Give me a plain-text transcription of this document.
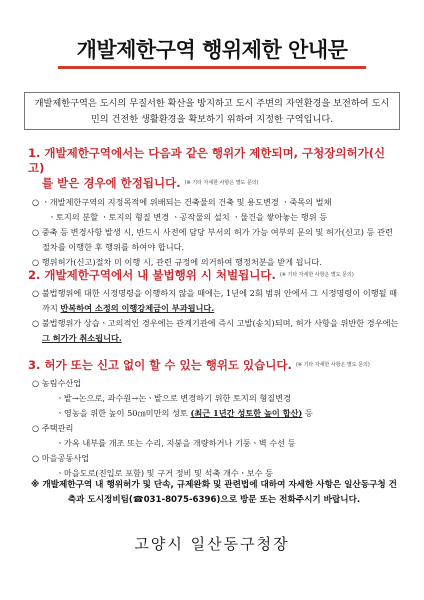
개발제한구역 행위제한 안내문
개발제한구역은 도시의 무질서한 확산을 방지하고 도시 주변의 자연환경을 보전하여 도시민의 건전한 생활환경을 확보하기 위하여 지정한 구역입니다.
1. 개발제한구역에서는 다음과 같은 행위가 제한되며, 구청장의허가(신고)
를 받은 경우에 한정됩니다. (※ 기타 자세한 사항은 별도 문의)
○ ㆍ개발제한구역의 지정목적에 위배되는 건축물의 건축 및 용도변경 ㆍ죽목의 벌채
ㆍ토지의 분할 ㆍ토지의 형질 변경 ㆍ공작물의 설치 ㆍ물건을 쌓아놓는 행위 등
○ 중축 등 변경사항 발생 시, 반드시 사전에 담당 부서의 허가 가능 여부의 문의 및 허가(신고) 등 관련 절차를 이행한 후 행위를 하여야 합니다.
○ 행위허가(신고)절차 미 이행 시, 관련 규정에 의거하여 행정처분을 받게 됩니다.
2. 개발제한구역에서 내 불법행위 시 처벌됩니다. (※ 기타 자세한 사항은 별도 문의)
○ 불법행위에 대한 시정명령을 이행하지 않을 때에는, 1년에 2회 범위 안에서 그 시정명령이 이행될 때까지 반복하여 소정의 이행강제금이 부과됩니다.
○ 불법행위가 상습ㆍ고의적인 경우에는 관계기관에 즉시 고발(송치)되며, 허가 사항을 위반한 경우에는 그 허가가 취소됩니다.
3. 허가 또는 신고 없이 할 수 있는 행위도 있습니다. (※ 기타 자세한 사항은 별도 문의)
○ 농림수산업
ㆍ밭→논으로, 과수원→논ㆍ밭으로 변경하기 위한 토지의 형질변경
ㆍ영농을 위한 높이 50㎝미만의 성토 (최근 1년간 성토한 높이 합산) 등
○ 주택관리
ㆍ가옥 내부를 개조 또는 수리, 지붕을 개량하거나 기둥ㆍ벽 수선 등
○ 마을공동사업
ㆍ마을도로(진입로 포함) 및 구거 정비 및 석축 개수ㆍ보수 등
※ 개발제한구역 내 행위허가 및 단속, 규제완화 및 관련법에 대하여 자세한 사항은 일산동구청 건축과 도시정비팀(☎031-8075-6396)으로 방문 또는 전화주시기 바랍니다.
고양시 일산동구청장
